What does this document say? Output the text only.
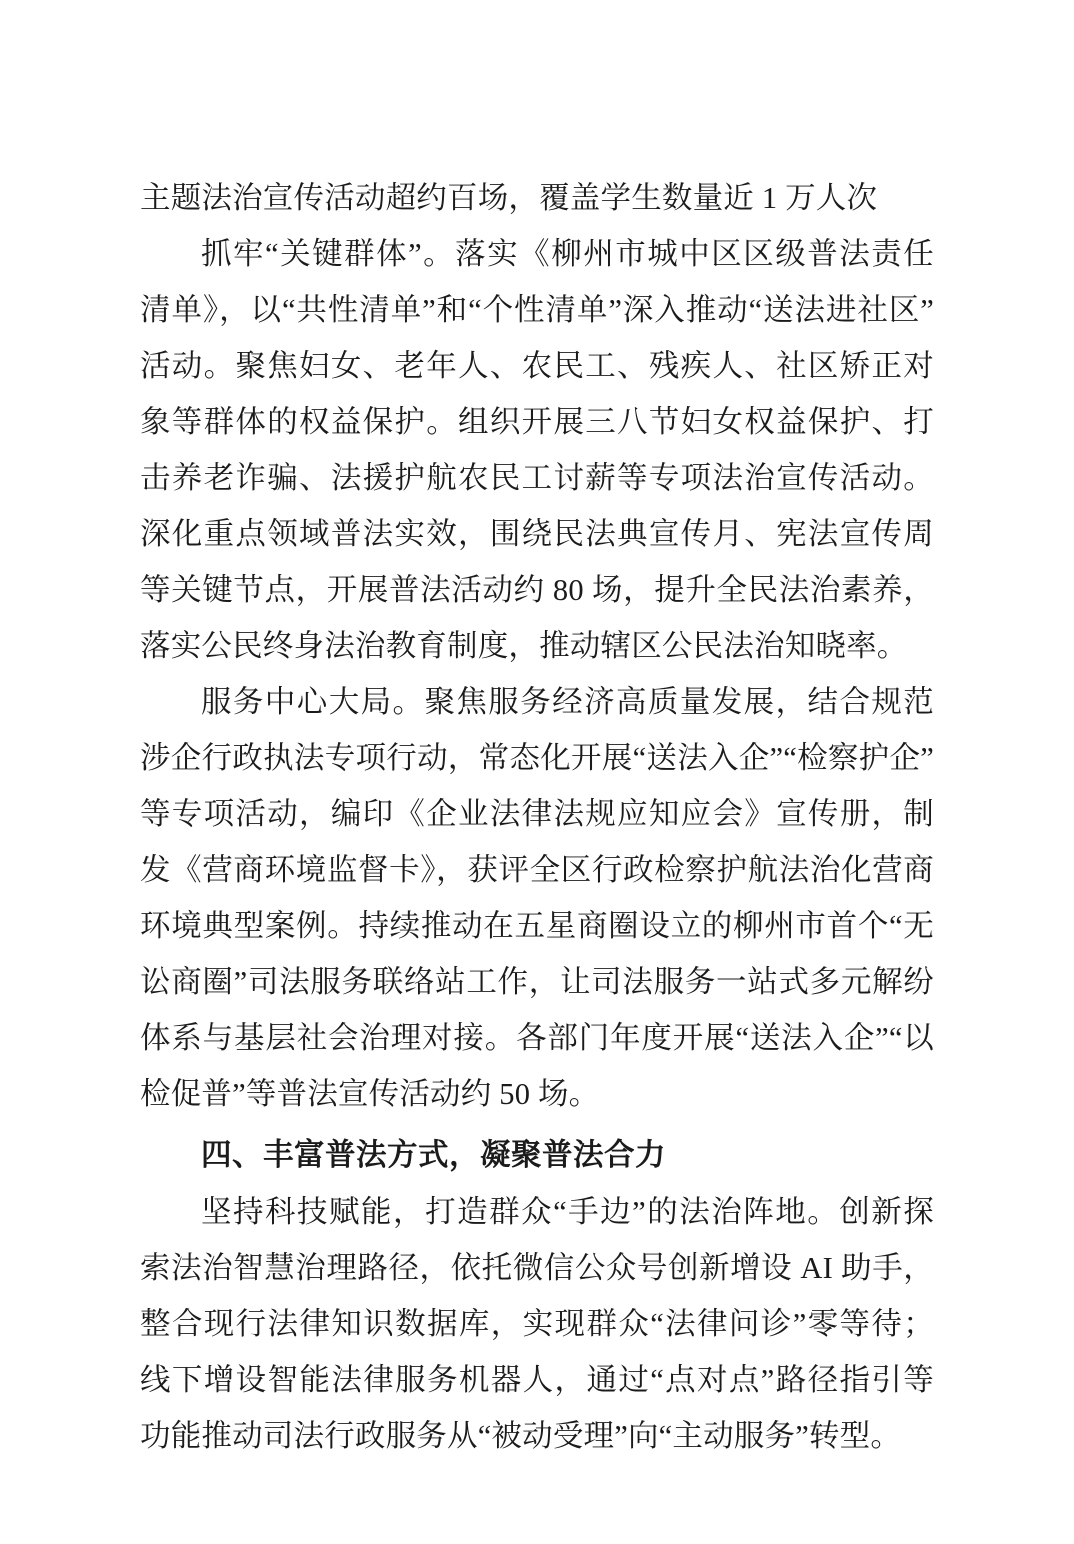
主题法治宣传活动超约百场，覆盖学生数量近 1 万人次

抓牢“关键群体”。落实《柳州市城中区区级普法责任清单》，以“共性清单”和“个性清单”深入推动“送法进社区”活动。聚焦妇女、老年人、农民工、残疾人、社区矫正对象等群体的权益保护。组织开展三八节妇女权益保护、打击养老诈骗、法援护航农民工讨薪等专项法治宣传活动。深化重点领域普法实效，围绕民法典宣传月、宪法宣传周等关键节点，开展普法活动约 80 场，提升全民法治素养，落实公民终身法治教育制度，推动辖区公民法治知晓率。

服务中心大局。聚焦服务经济高质量发展，结合规范涉企行政执法专项行动，常态化开展“送法入企”“检察护企”等专项活动，编印《企业法律法规应知应会》宣传册，制发《营商环境监督卡》，获评全区行政检察护航法治化营商环境典型案例。持续推动在五星商圈设立的柳州市首个“无讼商圈”司法服务联络站工作，让司法服务一站式多元解纷体系与基层社会治理对接。各部门年度开展“送法入企”“以检促普”等普法宣传活动约 50 场。

四、丰富普法方式，凝聚普法合力

坚持科技赋能，打造群众“手边”的法治阵地。创新探索法治智慧治理路径，依托微信公众号创新增设 AI 助手，整合现行法律知识数据库，实现群众“法律问诊”零等待；线下增设智能法律服务机器人，通过“点对点”路径指引等功能推动司法行政服务从“被动受理”向“主动服务”转型。
